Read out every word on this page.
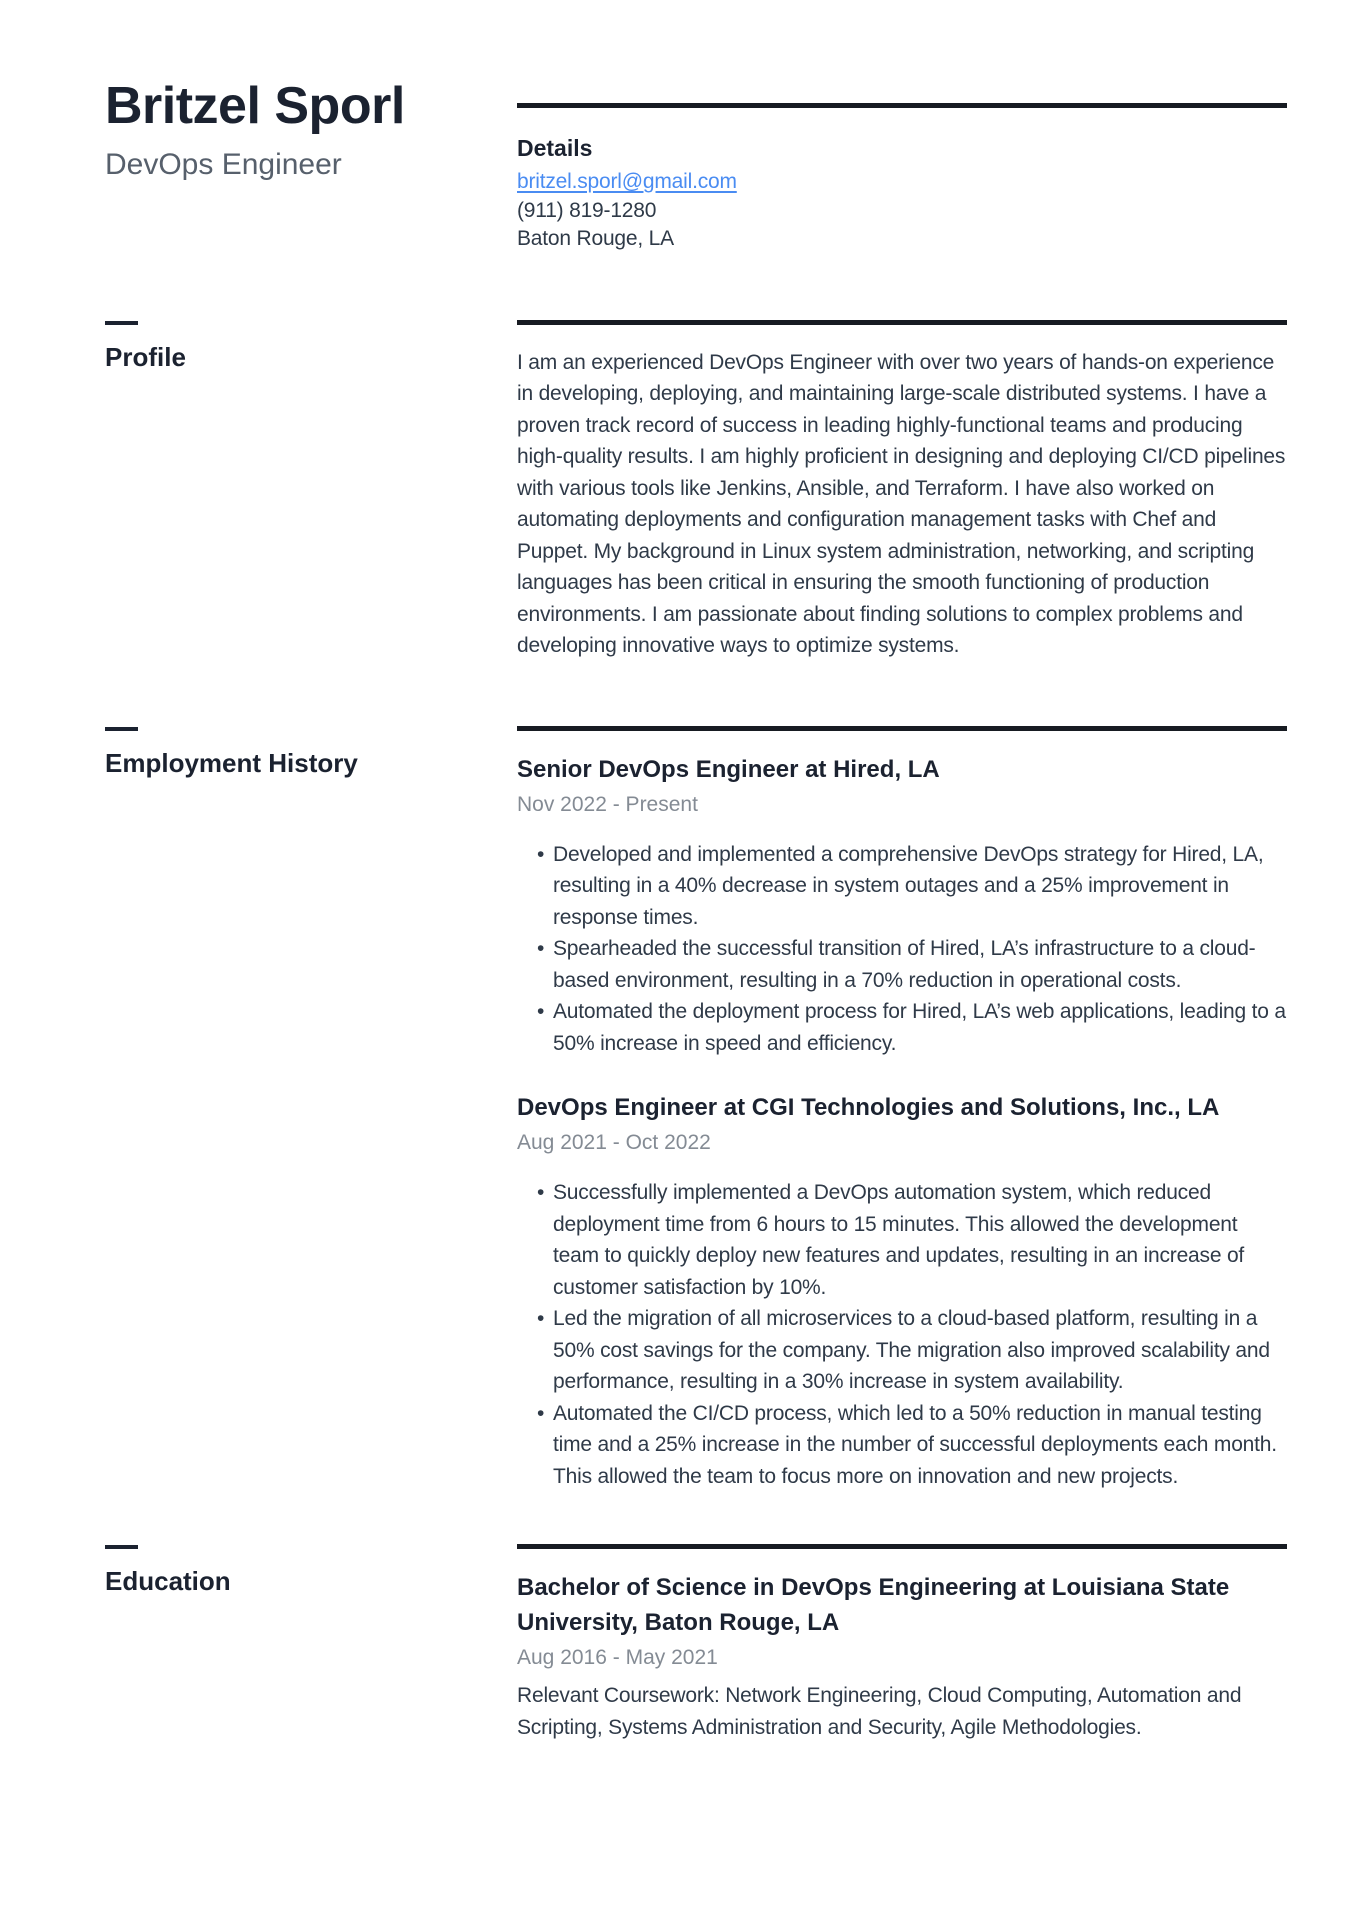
Britzel Sporl
DevOps Engineer
Details
britzel.sporl@gmail.com
(911) 819-1280
Baton Rouge, LA
Profile	I am an experienced DevOps Engineer with over two years of hands-on experience in developing, deploying, and maintaining large-scale distributed systems. I have a proven track record of success in leading highly-functional teams and producing high-quality results. I am highly proficient in designing and deploying CI/CD pipelines with various tools like Jenkins, Ansible, and Terraform. I have also worked on automating deployments and configuration management tasks with Chef and Puppet. My background in Linux system administration, networking, and scripting languages has been critical in ensuring the smooth functioning of production environments. I am passionate about finding solutions to complex problems and developing innovative ways to optimize systems.

Employment History	Senior DevOps Engineer at Hired, LA
Nov 2022 - Present
• Developed and implemented a comprehensive DevOps strategy for Hired, LA, resulting in a 40% decrease in system outages and a 25% improvement in response times.
• Spearheaded the successful transition of Hired, LA’s infrastructure to a cloud-based environment, resulting in a 70% reduction in operational costs.
• Automated the deployment process for Hired, LA’s web applications, leading to a 50% increase in speed and efficiency.
DevOps Engineer at CGI Technologies and Solutions, Inc., LA
Aug 2021 - Oct 2022
• Successfully implemented a DevOps automation system, which reduced deployment time from 6 hours to 15 minutes. This allowed the development team to quickly deploy new features and updates, resulting in an increase of customer satisfaction by 10%.
• Led the migration of all microservices to a cloud-based platform, resulting in a 50% cost savings for the company. The migration also improved scalability and performance, resulting in a 30% increase in system availability.
• Automated the CI/CD process, which led to a 50% reduction in manual testing time and a 25% increase in the number of successful deployments each month. This allowed the team to focus more on innovation and new projects.
Education	Bachelor of Science in DevOps Engineering at Louisiana State University, Baton Rouge, LA
Aug 2016 - May 2021

Relevant Coursework: Network Engineering, Cloud Computing, Automation and Scripting, Systems Administration and Security, Agile Methodologies.
